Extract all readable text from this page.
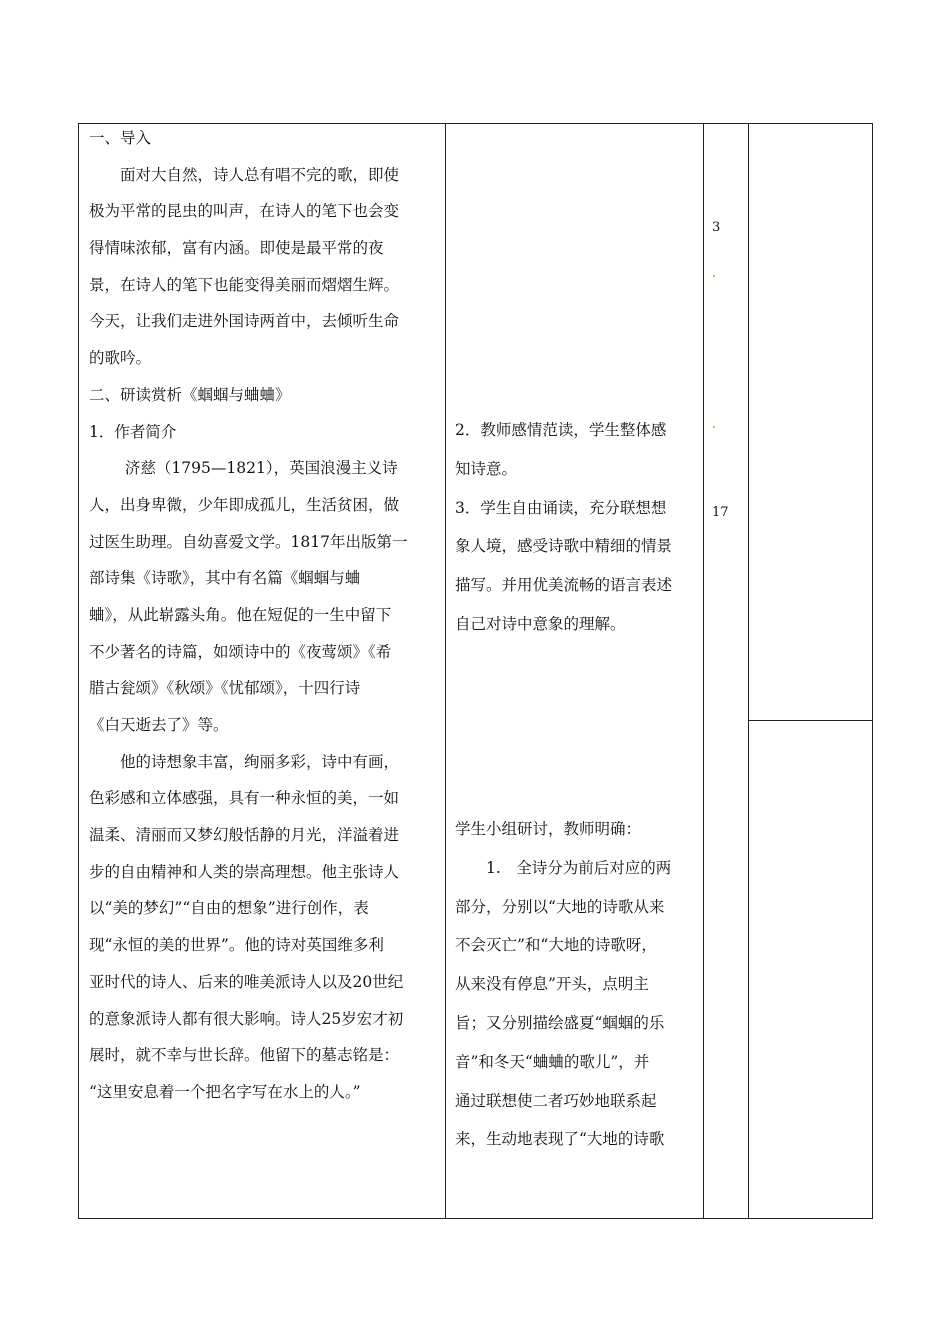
一、导入

　　面对大自然，诗人总有唱不完的歌，即使

极为平常的昆虫的叫声，在诗人的笔下也会变

得情味浓郁，富有内涵。即使是最平常的夜

景，在诗人的笔下也能变得美丽而熠熠生辉。

今天，让我们走进外国诗两首中，去倾听生命

的歌吟。

二、研读赏析《蝈蝈与蛐蛐》

1．作者简介

　　 济慈（1795—1821），英国浪漫主义诗

人，出身卑微，少年即成孤儿，生活贫困，做

过医生助理。自幼喜爱文学。1817年出版第一

部诗集《诗歌》，其中有名篇《蝈蝈与蛐

蛐》，从此崭露头角。他在短促的一生中留下

不少著名的诗篇，如颂诗中的《夜莺颂》《希

腊古瓮颂》《秋颂》《忧郁颂》，十四行诗

《白天逝去了》等。

　　他的诗想象丰富，绚丽多彩，诗中有画，

色彩感和立体感强，具有一种永恒的美，一如

温柔、清丽而又梦幻般恬静的月光，洋溢着进

步的自由精神和人类的崇高理想。他主张诗人

以“美的梦幻”“自由的想象”进行创作，表

现“永恒的美的世界”。他的诗对英国维多利

亚时代的诗人、后来的唯美派诗人以及20世纪

的意象派诗人都有很大影响。诗人25岁宏才初

展时，就不幸与世长辞。他留下的墓志铭是：

“这里安息着一个把名字写在水上的人。”

2．教师感情范读，学生整体感

知诗意。

3．学生自由诵读，充分联想想

象人境，感受诗歌中精细的情景

描写。并用优美流畅的语言表述

自己对诗中意象的理解。

学生小组研讨，教师明确：

　　1.　全诗分为前后对应的两

部分，分别以“大地的诗歌从来

不会灭亡”和“大地的诗歌呀，

从来没有停息”开头，点明主

旨；又分别描绘盛夏“蝈蝈的乐

音”和冬天“蛐蛐的歌儿”，并

通过联想使二者巧妙地联系起

来，生动地表现了“大地的诗歌

3
17
